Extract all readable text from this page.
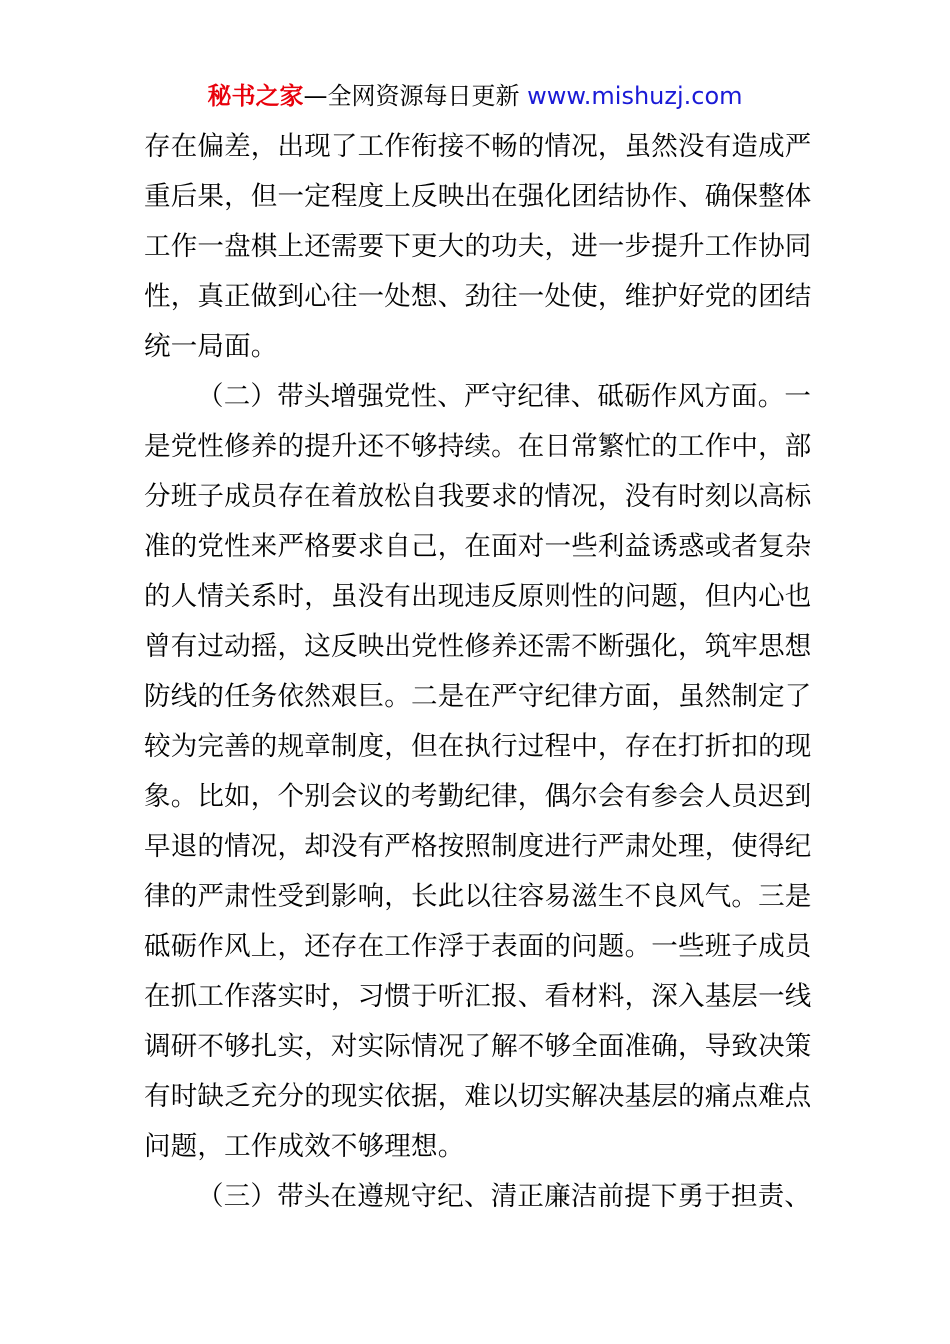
秘书之家—全网资源每日更新 www.mishuzj.com
存在偏差，出现了工作衔接不畅的情况，虽然没有造成严
重后果，但一定程度上反映出在强化团结协作、确保整体
工作一盘棋上还需要下更大的功夫，进一步提升工作协同
性，真正做到心往一处想、劲往一处使，维护好党的团结
统一局面。
（二）带头增强党性、严守纪律、砥砺作风方面。一
是党性修养的提升还不够持续。在日常繁忙的工作中，部
分班子成员存在着放松自我要求的情况，没有时刻以高标
准的党性来严格要求自己，在面对一些利益诱惑或者复杂
的人情关系时，虽没有出现违反原则性的问题，但内心也
曾有过动摇，这反映出党性修养还需不断强化，筑牢思想
防线的任务依然艰巨。二是在严守纪律方面，虽然制定了
较为完善的规章制度，但在执行过程中，存在打折扣的现
象。比如，个别会议的考勤纪律，偶尔会有参会人员迟到
早退的情况，却没有严格按照制度进行严肃处理，使得纪
律的严肃性受到影响，长此以往容易滋生不良风气。三是
砥砺作风上，还存在工作浮于表面的问题。一些班子成员
在抓工作落实时，习惯于听汇报、看材料，深入基层一线
调研不够扎实，对实际情况了解不够全面准确，导致决策
有时缺乏充分的现实依据，难以切实解决基层的痛点难点
问题，工作成效不够理想。
（三）带头在遵规守纪、清正廉洁前提下勇于担责、
